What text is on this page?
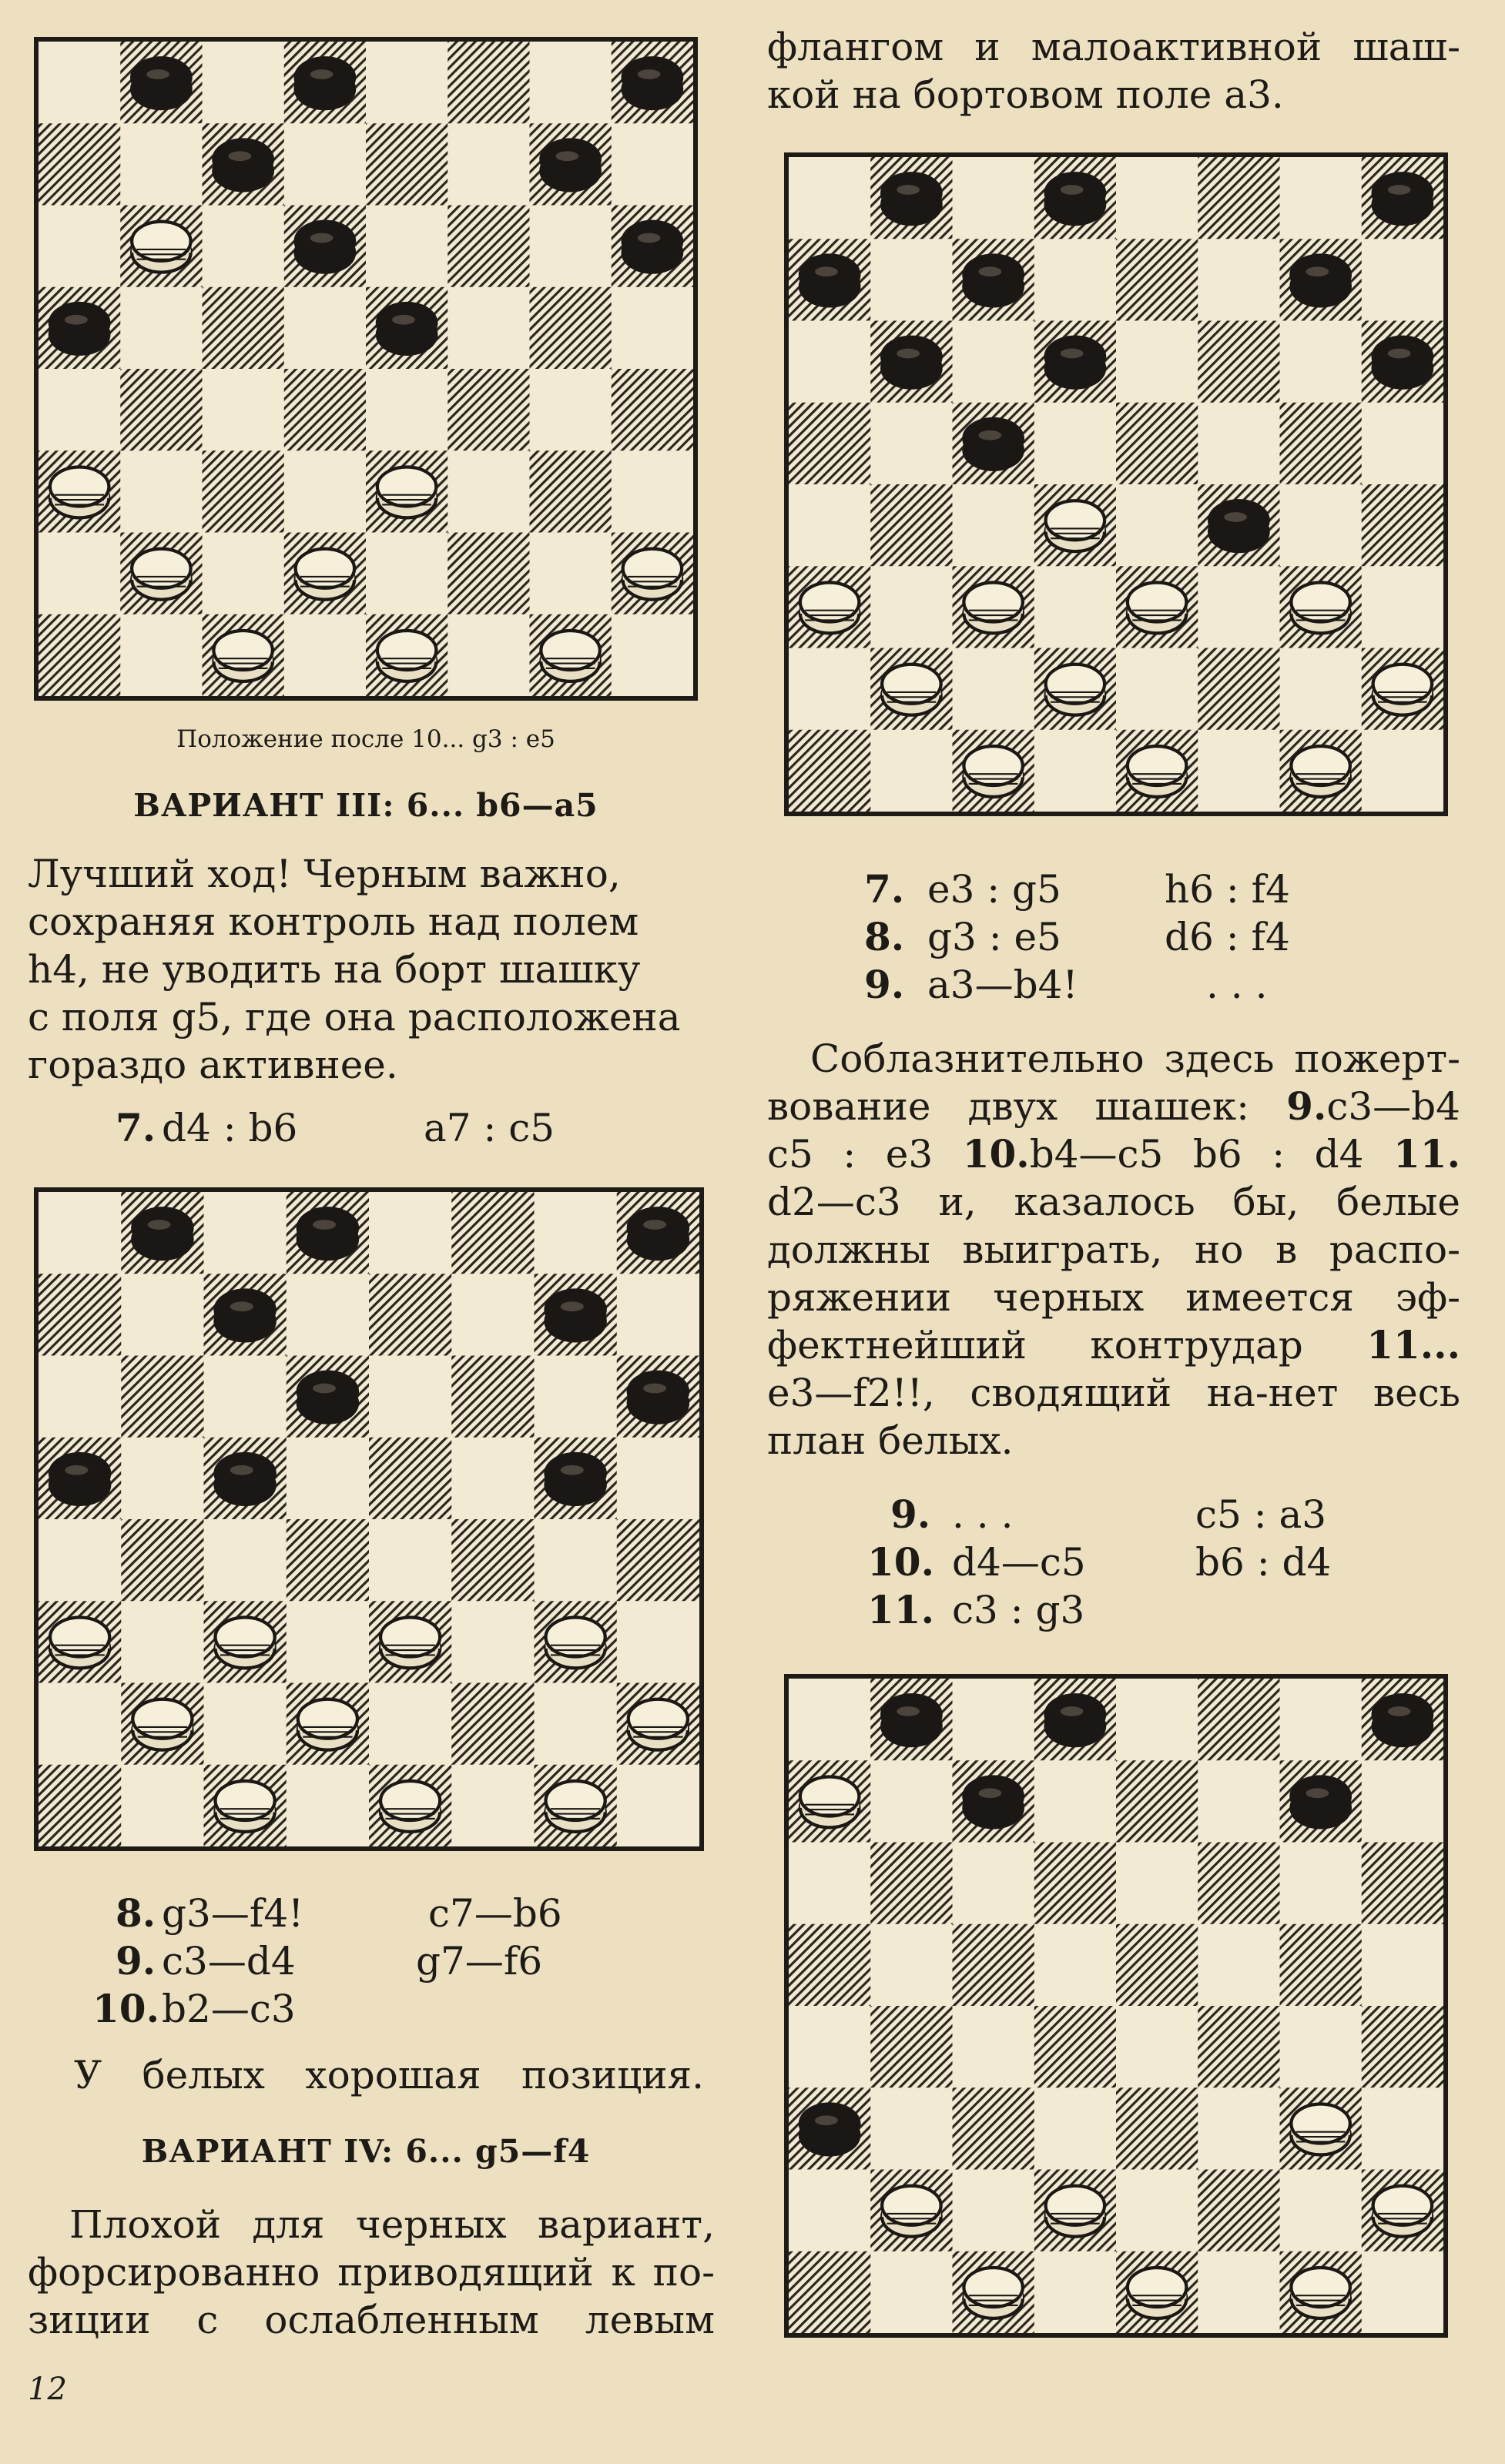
Положение после 10... g3 : e5

ВАРИАНТ III: 6... b6—a5

Лучший ход! Черным важно,
сохраняя контроль над полем
h4, не уводить на борт шашку
с поля g5, где она расположена
гораздо активнее.
7. d4 : b6	a7 : c5
8. g3—f4!	c7—b6
9. c3—d4	g7—f6
10. b2—c3

У белых хорошая позиция.

ВАРИАНТ IV: 6... g5—f4

Плохой для черных вариант,
форсированно приводящий к по-
зиции с ослабленным левым
флангом и малоактивной шаш-
кой на бортовом поле a3.
7. e3 : g5	h6 : f4
8. g3 : e5	d6 : f4
9. a3—b4!	. . .
Соблазнительно здесь пожерт-
вование двух шашек: 9.c3—b4
c5 : e3 10.b4—c5 b6 : d4 11.
d2—c3 и, казалось бы, белые
должны выиграть, но в распо-
ряжении черных имеется эф-
фектнейший контрудар 11...
e3—f2!!, сводящий на-нет весь
план белых.
9. . . .	c5 : a3
10. d4—c5	b6 : d4
11. c3 : g3
12
